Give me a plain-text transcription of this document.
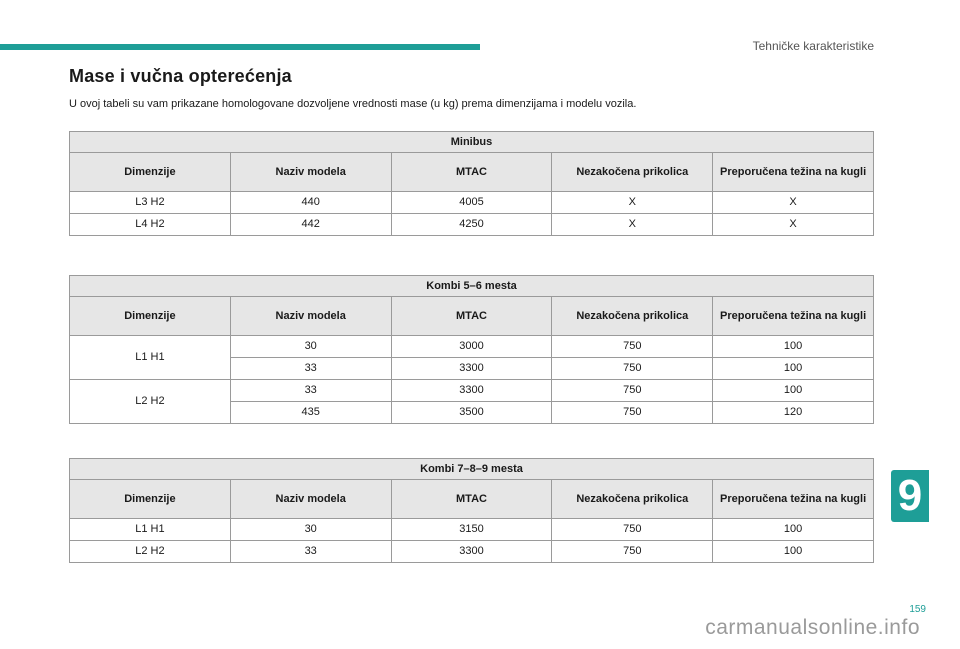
Tehničke karakteristike
Mase i vučna opterećenja

U ovoj tabeli su vam prikazane homologovane dozvoljene vrednosti mase (u kg) prema dimenzijama i modelu vozila.

Minibus				
Dimenzije	Naziv modela	MTAC	Nezakočena prikolica	Preporučena težina na kugli
L3 H2	440	4005	X	X
L4 H2	442	4250	X	X
Kombi 5–6 mesta				
Dimenzije	Naziv modela	MTAC	Nezakočena prikolica	Preporučena težina na kugli
L1 H1	30	3000	750	100
	33	3300	750	100
L2 H2	33	3300	750	100
	435	3500	750	120
Kombi 7–8–9 mesta				
Dimenzije	Naziv modela	MTAC	Nezakočena prikolica	Preporučena težina na kugli
L1 H1	30	3150	750	100
L2 H2	33	3300	750	100
9
159
carmanualsonline.info
